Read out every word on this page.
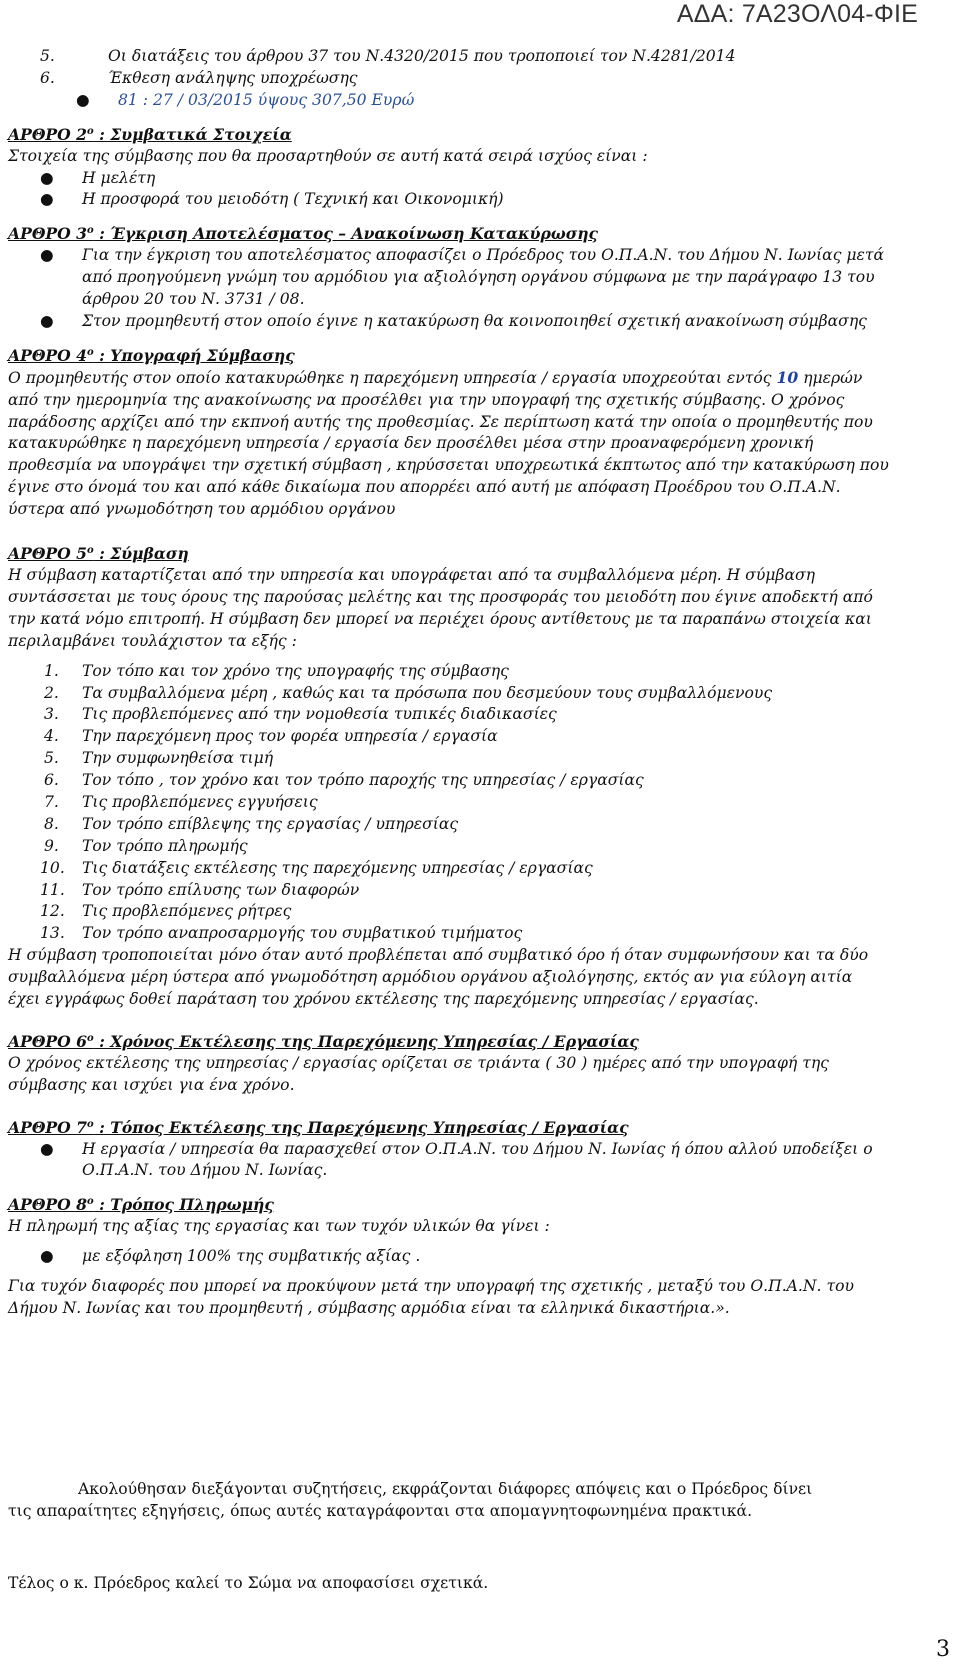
ΑΔΑ: 7Α23ΟΛ04-ΦΙΕ
5.	Οι διατάξεις του άρθρου 37 του Ν.4320/2015 που τροποποιεί τον Ν.4281/2014
6.	Έκθεση ανάληψης υποχρέωσης
● 81 : 27 / 03/2015 ύψους 307,50 Ευρώ
ΑΡΘΡΟ $2^o$ : Συμβατικά Στοιχεία
Στοιχεία της σύμβασης που θα προσαρτηθούν σε αυτή κατά σειρά ισχύος είναι :
● Η μελέτη
● Η προσφορά του μειοδότη ( Τεχνική και Οικονομική)
ΑΡΘΡΟ $3^o$ : Έγκριση Αποτελέσματος – Ανακοίνωση Κατακύρωσης
● Για την έγκριση του αποτελέσματος αποφασίζει ο Πρόεδρος του Ο.Π.Α.Ν. του Δήμου Ν. Ιωνίας μετά
από προηγούμενη γνώμη του αρμόδιου για αξιολόγηση οργάνου σύμφωνα με την παράγραφο 13 του
άρθρου 20 του Ν. 3731 / 08.
● Στον προμηθευτή στον οποίο έγινε η κατακύρωση θα κοινοποιηθεί σχετική ανακοίνωση σύμβασης
ΑΡΘΡΟ $4^o$ : Υπογραφή Σύμβασης
Ο προμηθευτής στον οποίο κατακυρώθηκε η παρεχόμενη υπηρεσία / εργασία υποχρεούται εντός 10 ημερών
από την ημερομηνία της ανακοίνωσης να προσέλθει για την υπογραφή της σχετικής σύμβασης. Ο χρόνος
παράδοσης αρχίζει από την εκπνοή αυτής της προθεσμίας. Σε περίπτωση κατά την οποία ο προμηθευτής που
κατακυρώθηκε η παρεχόμενη υπηρεσία / εργασία δεν προσέλθει μέσα στην προαναφερόμενη χρονική
προθεσμία να υπογράψει την σχετική σύμβαση , κηρύσσεται υποχρεωτικά έκπτωτος από την κατακύρωση που
έγινε στο όνομά του και από κάθε δικαίωμα που απορρέει από αυτή με απόφαση Προέδρου του Ο.Π.Α.Ν.
ύστερα από γνωμοδότηση του αρμόδιου οργάνου
ΑΡΘΡΟ $5^o$ : Σύμβαση
Η σύμβαση καταρτίζεται από την υπηρεσία και υπογράφεται από τα συμβαλλόμενα μέρη. Η σύμβαση
συντάσσεται με τους όρους της παρούσας μελέτης και της προσφοράς του μειοδότη που έγινε αποδεκτή από
την κατά νόμο επιτροπή. Η σύμβαση δεν μπορεί να περιέχει όρους αντίθετους με τα παραπάνω στοιχεία και
περιλαμβάνει τουλάχιστον τα εξής :
1. Τον τόπο και τον χρόνο της υπογραφής της σύμβασης
2. Τα συμβαλλόμενα μέρη , καθώς και τα πρόσωπα που δεσμεύουν τους συμβαλλόμενους
3. Τις προβλεπόμενες από την νομοθεσία τυπικές διαδικασίες
4. Την παρεχόμενη προς τον φορέα υπηρεσία / εργασία
5. Την συμφωνηθείσα τιμή
6. Τον τόπο , τον χρόνο και τον τρόπο παροχής της υπηρεσίας / εργασίας
7. Τις προβλεπόμενες εγγυήσεις
8. Τον τρόπο επίβλεψης της εργασίας / υπηρεσίας
9. Τον τρόπο πληρωμής
10. Τις διατάξεις εκτέλεσης της παρεχόμενης υπηρεσίας / εργασίας
11. Τον τρόπο επίλυσης των διαφορών
12. Τις προβλεπόμενες ρήτρες
13. Τον τρόπο αναπροσαρμογής του συμβατικού τιμήματος
Η σύμβαση τροποποιείται μόνο όταν αυτό προβλέπεται από συμβατικό όρο ή όταν συμφωνήσουν και τα δύο
συμβαλλόμενα μέρη ύστερα από γνωμοδότηση αρμόδιου οργάνου αξιολόγησης, εκτός αν για εύλογη αιτία
έχει εγγράφως δοθεί παράταση του χρόνου εκτέλεσης της παρεχόμενης υπηρεσίας / εργασίας.
ΑΡΘΡΟ $6^o$ : Χρόνος Εκτέλεσης της Παρεχόμενης Υπηρεσίας / Εργασίας
Ο χρόνος εκτέλεσης της υπηρεσίας / εργασίας ορίζεται σε τριάντα ( 30 ) ημέρες από την υπογραφή της
σύμβασης και ισχύει για ένα χρόνο.
ΑΡΘΡΟ $7^o$ : Τόπος Εκτέλεσης της Παρεχόμενης Υπηρεσίας / Εργασίας
● Η εργασία / υπηρεσία θα παρασχεθεί στον Ο.Π.Α.Ν. του Δήμου Ν. Ιωνίας ή όπου αλλού υποδείξει ο
Ο.Π.Α.Ν. του Δήμου Ν. Ιωνίας.
ΑΡΘΡΟ $8^o$ : Τρόπος Πληρωμής
Η πληρωμή της αξίας της εργασίας και των τυχόν υλικών θα γίνει :
● με εξόφληση 100% της συμβατικής αξίας .
Για τυχόν διαφορές που μπορεί να προκύψουν μετά την υπογραφή της σχετικής , μεταξύ του Ο.Π.Α.Ν. του
Δήμου Ν. Ιωνίας και του προμηθευτή , σύμβασης αρμόδια είναι τα ελληνικά δικαστήρια.».
Ακολούθησαν διεξάγονται συζητήσεις, εκφράζονται διάφορες απόψεις και ο Πρόεδρος δίνει
τις απαραίτητες εξηγήσεις, όπως αυτές καταγράφονται στα απομαγνητοφωνημένα πρακτικά.
Τέλος ο κ. Πρόεδρος καλεί το Σώμα να αποφασίσει σχετικά.
3
